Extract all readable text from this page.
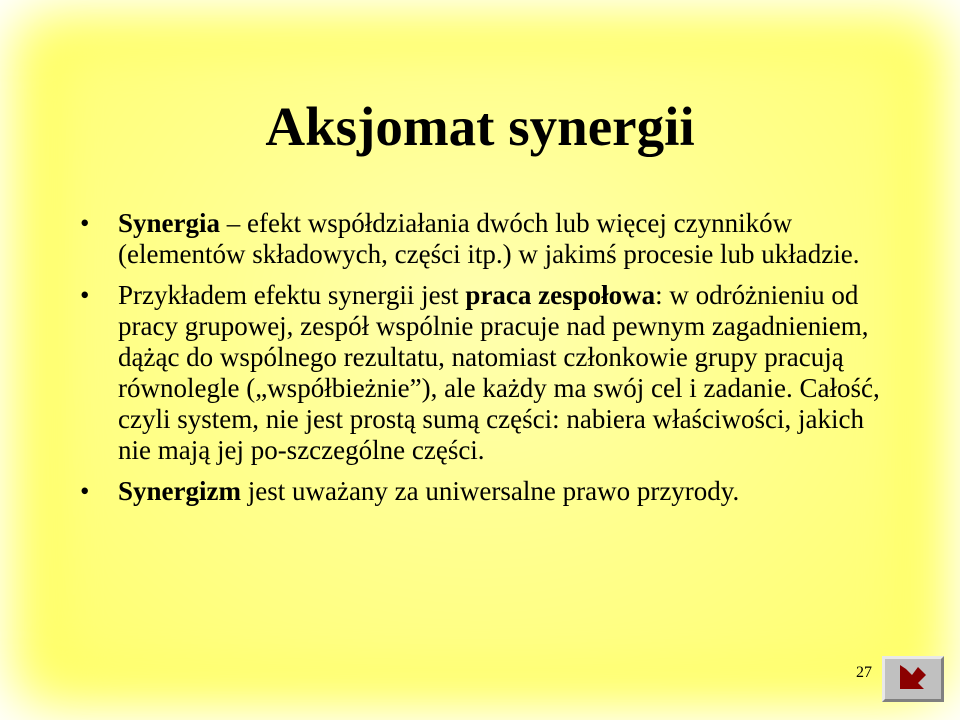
Aksjomat synergii
• Synergia – efekt współdziałania dwóch lub więcej czynników (elementów składowych, części itp.) w jakimś procesie lub układzie.
• Przykładem efektu synergii jest praca zespołowa: w odróżnieniu od pracy grupowej, zespół wspólnie pracuje nad pewnym zagadnieniem, dążąc do wspólnego rezultatu, natomiast członkowie grupy pracują równolegle („współbieżnie”), ale każdy ma swój cel i zadanie. Całość, czyli system, nie jest prostą sumą części: nabiera właściwości, jakich nie mają jej po-szczególne części.
• Synergizm jest uważany za uniwersalne prawo przyrody.
27
